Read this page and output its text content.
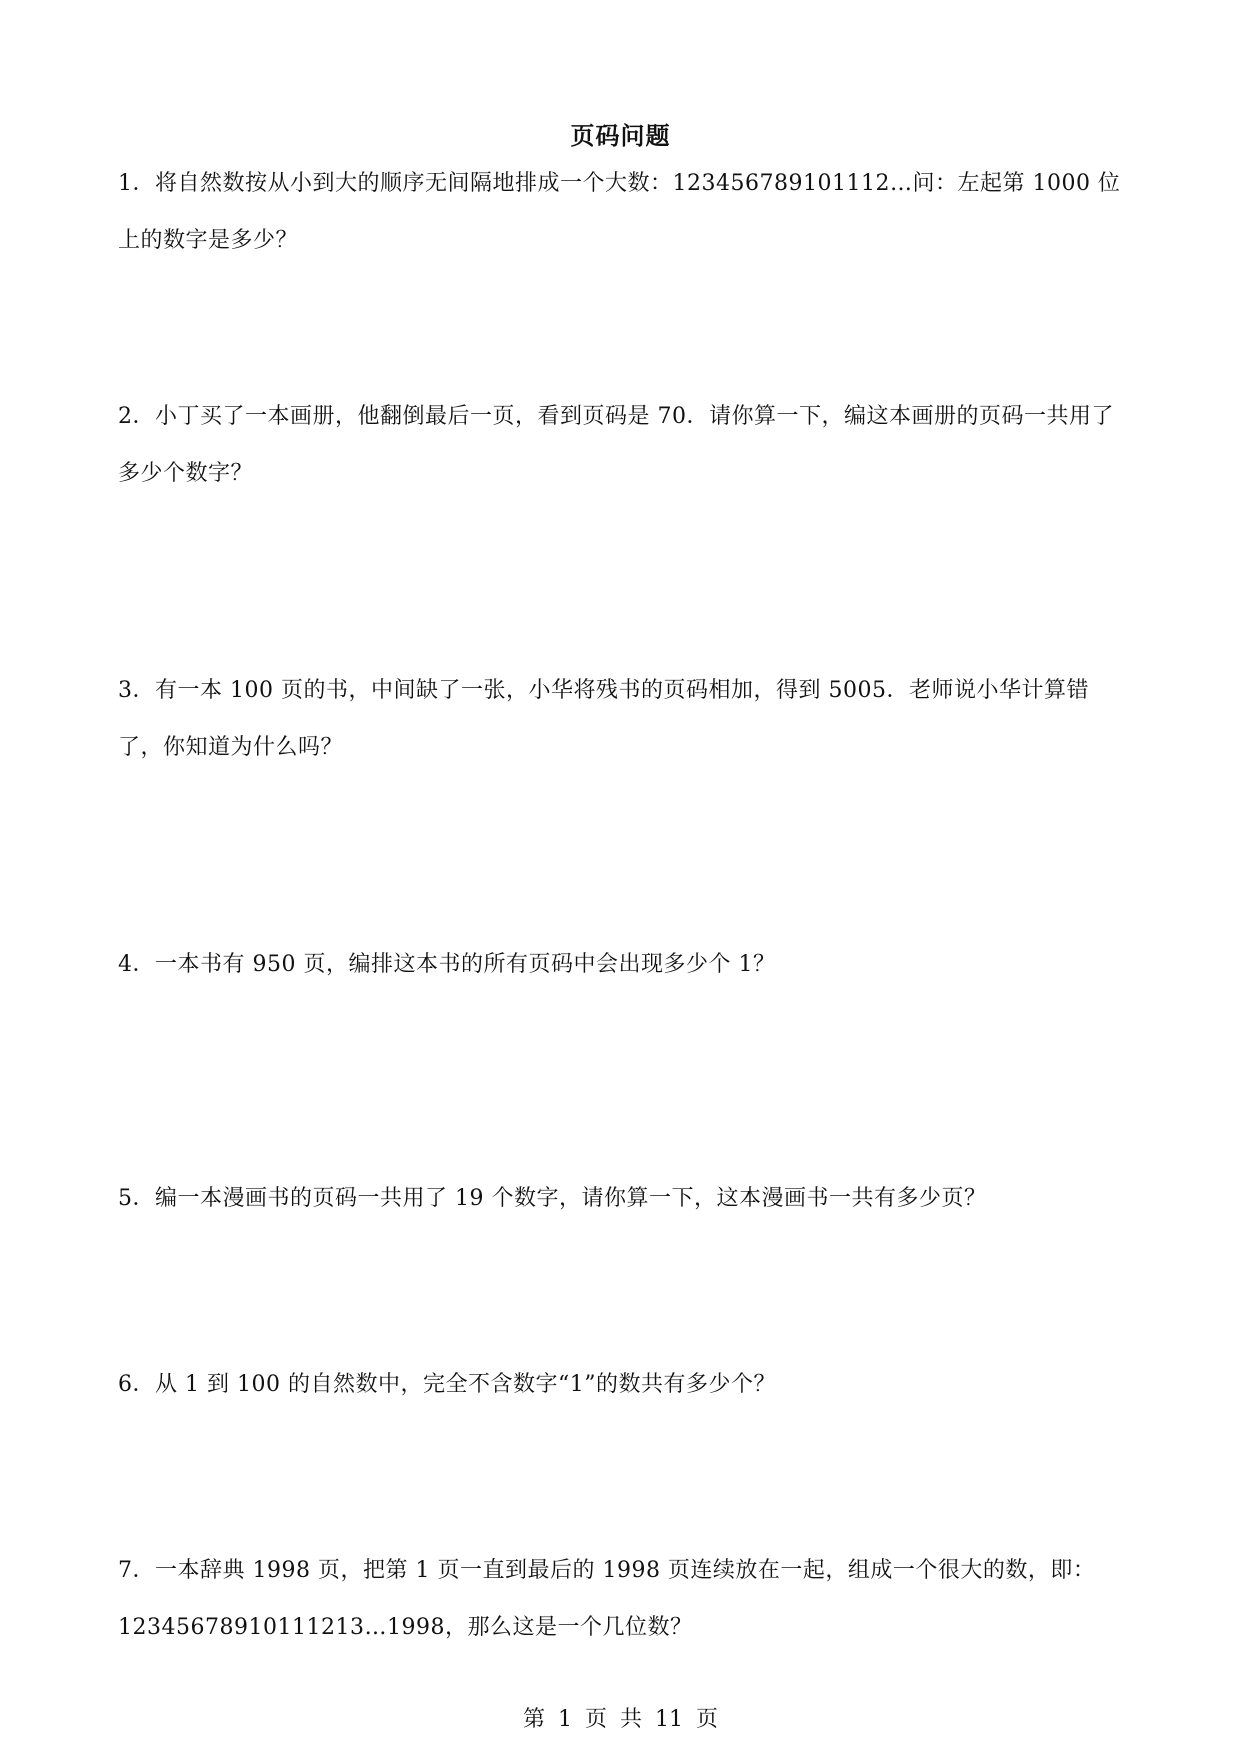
页码问题
1．将自然数按从小到大的顺序无间隔地排成一个大数：123456789101112…问：左起第 1000 位上的数字是多少？
2．小丁买了一本画册，他翻倒最后一页，看到页码是 70．请你算一下，编这本画册的页码一共用了多少个数字？
3．有一本 100 页的书，中间缺了一张，小华将残书的页码相加，得到 5005．老师说小华计算错了，你知道为什么吗？
4．一本书有 950 页，编排这本书的所有页码中会出现多少个 1？
5．编一本漫画书的页码一共用了 19 个数字，请你算一下，这本漫画书一共有多少页？
6．从 1 到 100 的自然数中，完全不含数字“1”的数共有多少个？
7．一本辞典 1998 页，把第 1 页一直到最后的 1998 页连续放在一起，组成一个很大的数，即：12345678910111213…1998，那么这是一个几位数？
第 1 页 共 11 页
